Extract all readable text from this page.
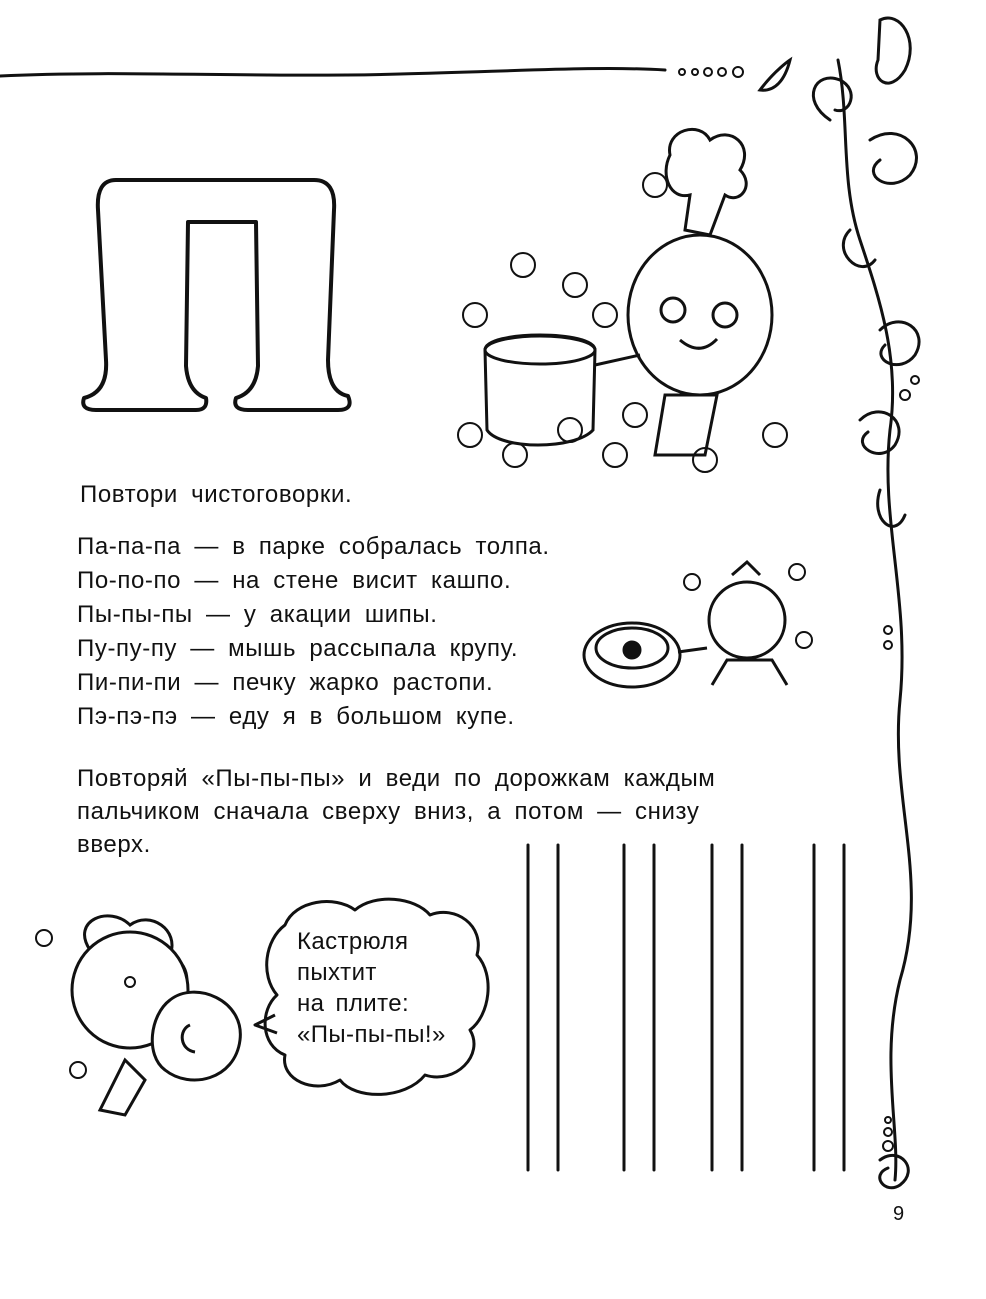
Повтори чистоговорки.
Па-па-па — в парке собралась толпа.
По-по-по — на стене висит кашпо.
Пы-пы-пы — у акации шипы.
Пу-пу-пу — мышь рассыпала крупу.
Пи-пи-пи — печку жарко растопи.
Пэ-пэ-пэ — еду я в большом купе.
Повторяй «Пы-пы-пы» и веди по дорожкам каждым
пальчиком сначала сверху вниз, а потом — снизу
вверх.
Кастрюля
пыхтит
на плите:
«Пы-пы-пы!»
9
